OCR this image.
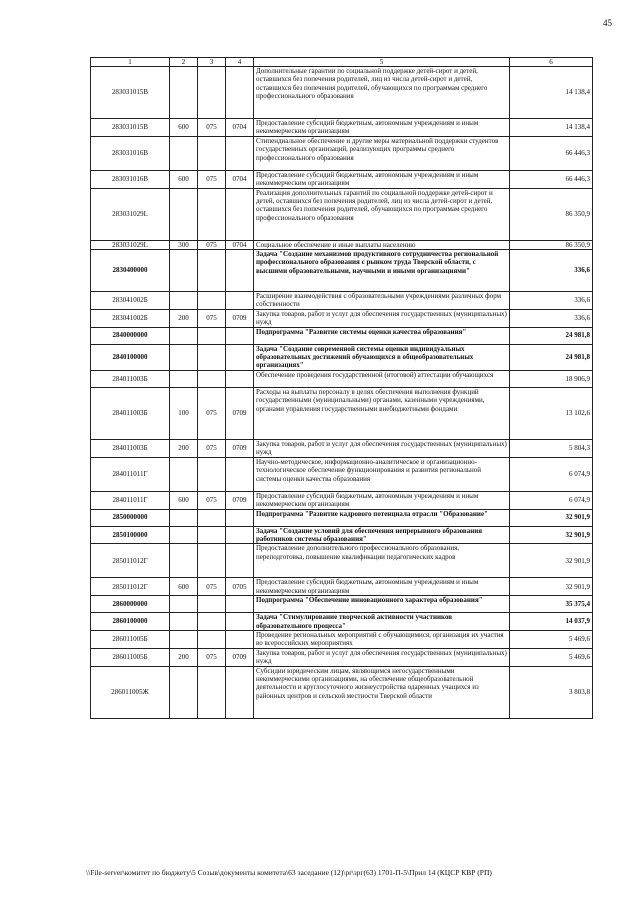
45
1	2	3	4	5	6
283031015В				Дополнительные гарантии по социальной поддержке детей-сирот и детей, оставшихся без попечения родителей, лиц из числа детей-сирот и детей, оставшихся без попечения родителей, обучающихся по программам среднего профессионального образования	14 138,4
283031015В	600	075	0704	Предоставление субсидий бюджетным, автономным учреждениям и иным некоммерческим организациям	14 138,4
283031016В				Стипендиальное обеспечение и другие меры материальной поддержки студентов государственных организаций, реализующих программы среднего профессионального образования	66 446,3
283031016В	600	075	0704	Предоставление субсидий бюджетным, автономным учреждениям и иным некоммерческим организациям	66 446,3
283031029L				Реализация дополнительных гарантий по социальной поддержке детей-сирот и детей, оставшихся без попечения родителей, лиц из числа детей-сирот и детей, оставшихся без попечения родителей, обучающихся по программам среднего профессионального образования	86 350,9
283031029L	300	075	0704	Социальное обеспечение и иные выплаты населению	86 350,9
2830400000				Задача "Создание механизмов продуктивного сотрудничества региональной профессионального образования с рынком труда Тверской области, с высшими образовательными, научными и иными организациями"	336,6
283041002Б				Расширение взаимодействия с образовательными учреждениями различных форм собственности	336,6
283041002Б	200	075	0709	Закупка товаров, работ и услуг для обеспечения государственных (муниципальных) нужд	336,6
2840000000				Подпрограмма "Развитие системы оценки качества образования"	24 981,8
2840100000				Задача "Создание современной системы оценки индивидуальных образовательных достижений обучающихся в общеобразовательных организациях"	24 981,8
284011003Б				Обеспечение проведения государственной (итоговой) аттестации обучающихся	18 906,9
284011003Б	100	075	0709	Расходы на выплаты персоналу в целях обеспечения выполнения функций государственными (муниципальными) органами, казенными учреждениями, органами управления государственными внебюджетными фондами	13 102,6
284011003Б	200	075	0709	Закупка товаров, работ и услуг для обеспечения государственных (муниципальных) нужд	5 804,3
284011011Г				Научно-методическое, информационно-аналитическое и организационно-технологическое обеспечение функционирования и развития региональной системы оценки качества образования	6 074,9
284011011Г	600	075	0709	Предоставление субсидий бюджетным, автономным учреждениям и иным некоммерческим организациям	6 074,9
2850000000				Подпрограмма "Развитие кадрового потенциала отрасли "Образование"	32 901,9
2850100000				Задача "Создание условий для обеспечения непрерывного образования работников системы образования"	32 901,9
285011012Г				Предоставление дополнительного профессионального образования, переподготовка, повышение квалификации педагогических кадров	32 901,9
285011012Г	600	075	0705	Предоставление субсидий бюджетным, автономным учреждениям и иным некоммерческим организациям	32 901,9
2860000000				Подпрограмма "Обеспечение инновационного характера образования"	35 375,4
2860100000				Задача "Стимулирование творческой активности участников образовательного процесса"	14 037,9
286011005Б				Проведение региональных мероприятий с обучающимися, организация их участия во всероссийских мероприятиях	5 469,6
286011005Б	200	075	0709	Закупка товаров, работ и услуг для обеспечения государственных (муниципальных) нужд	5 469,6
286011005Ж				Субсидии юридическим лицам, являющимся негосударственными некоммерческими организациями, на обеспечение общеобразовательной деятельности и круглосуточного жизнеустройства одаренных учащихся из районных центров и сельской местности Тверской области	3 803,8
\\File-server\комитет по бюджету\5 Созыв\документы комитета\63 заседание (12)\pr\зрг(63) 1701-П-5\Прил 14 (КЦСР КВР (РП)
